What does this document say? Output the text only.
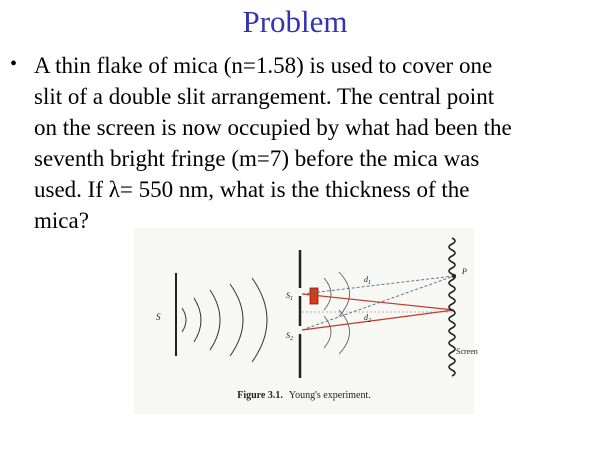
Problem
• A thin flake of mica (n=1.58) is used to cover one
slit of a double slit arrangement. The central point
on the screen is now occupied by what had been the
seventh bright fringe (m=7) before the mica was
used. If λ= 550 nm, what is the thickness of the
mica?
S
$S_1$
$S_2$
$d_1$
$d_2$
P
Screen
Figure 3.1. Young's experiment.
